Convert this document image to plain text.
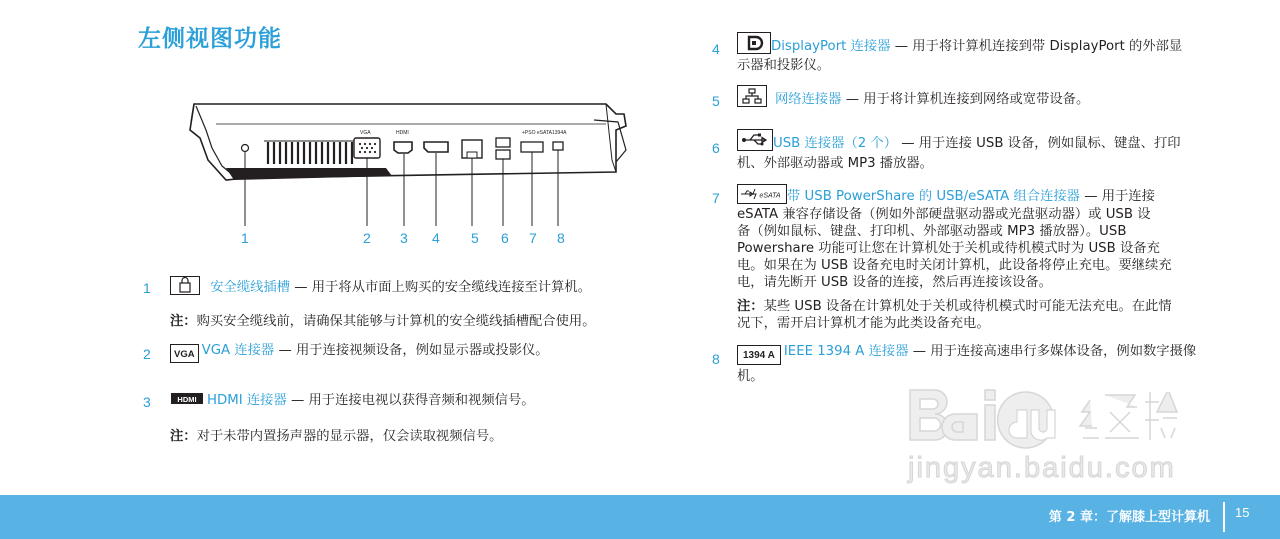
左侧视图功能
VGA	HDMI	+PSO eSATA 1394A
1	2 3 4 5 6 7 8
1	安全缆线插槽 — 用于将从市面上购买的安全缆线连接至计算机。
注：购买安全缆线前，请确保其能够与计算机的安全缆线插槽配合使用。
2	VGA VGA 连接器 — 用于连接视频设备，例如显示器或投影仪。
3	HDMI HDMI 连接器 — 用于连接电视以获得音频和视频信号。
注：对于未带内置扬声器的显示器，仅会读取视频信号。
4	DisplayPort 连接器 — 用于将计算机连接到带 DisplayPort 的外部显
示器和投影仪。
5	网络连接器 — 用于将计算机连接到网络或宽带设备。
6	USB 连接器（2 个） — 用于连接 USB 设备，例如鼠标、键盘、打印
机、外部驱动器或 MP3 播放器。
7	eSATA 带 USB PowerShare 的 USB/eSATA 组合连接器 — 用于连接
eSATA 兼容存储设备（例如外部硬盘驱动器或光盘驱动器）或 USB 设
备（例如鼠标、键盘、打印机、外部驱动器或 MP3 播放器）。USB
Powershare 功能可让您在计算机处于关机或待机模式时为 USB 设备充
电。如果在为 USB 设备充电时关闭计算机，此设备将停止充电。要继续充
电，请先断开 USB 设备的连接，然后再连接该设备。
注：某些 USB 设备在计算机处于关机或待机模式时可能无法充电。在此情
况下，需开启计算机才能为此类设备充电。
8	1394 A IEEE 1394 A 连接器 — 用于连接高速串行多媒体设备，例如数字摄像
机。
jingyan.baidu.com
第 2 章：了解膝上型计算机 15
